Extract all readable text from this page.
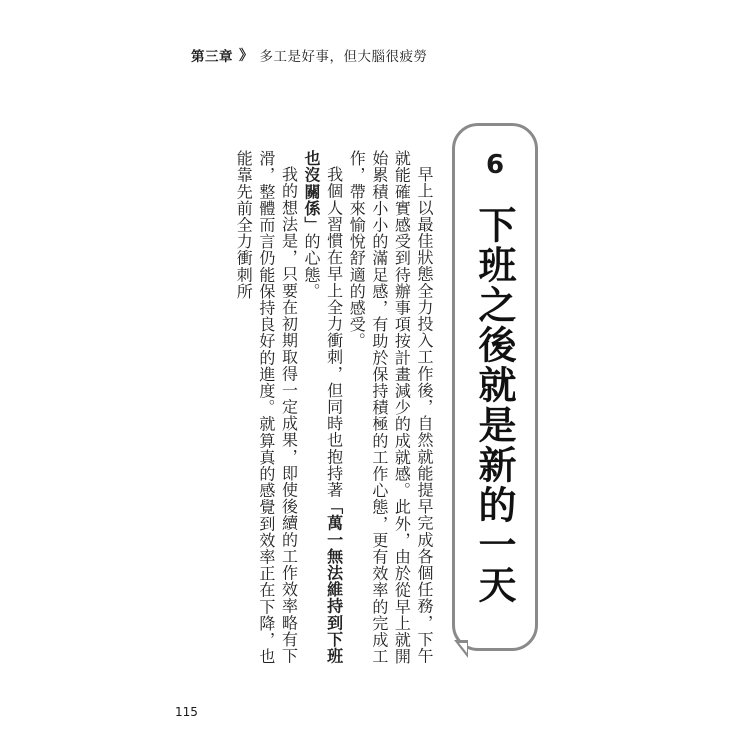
第三章 》 多工是好事，但大腦很疲勞
6
下班之後就是新的一天

早上以最佳狀態全力投入工作後，自然就能提早完成各個任務，下午就能確實感受到待辦事項按計畫減少的成就感。此外，由於從早上就開始累積小小的滿足感，有助於保持積極的工作心態，更有效率的完成工作，帶來愉悅舒適的感受。

我個人習慣在早上全力衝刺，但同時也抱持著「萬一無法維持到下班也沒關係」的心態。

我的想法是，只要在初期取得一定成果，即使後續的工作效率略有下滑，整體而言仍能保持良好的進度。就算真的感覺到效率正在下降，也能靠先前全力衝刺所

115
